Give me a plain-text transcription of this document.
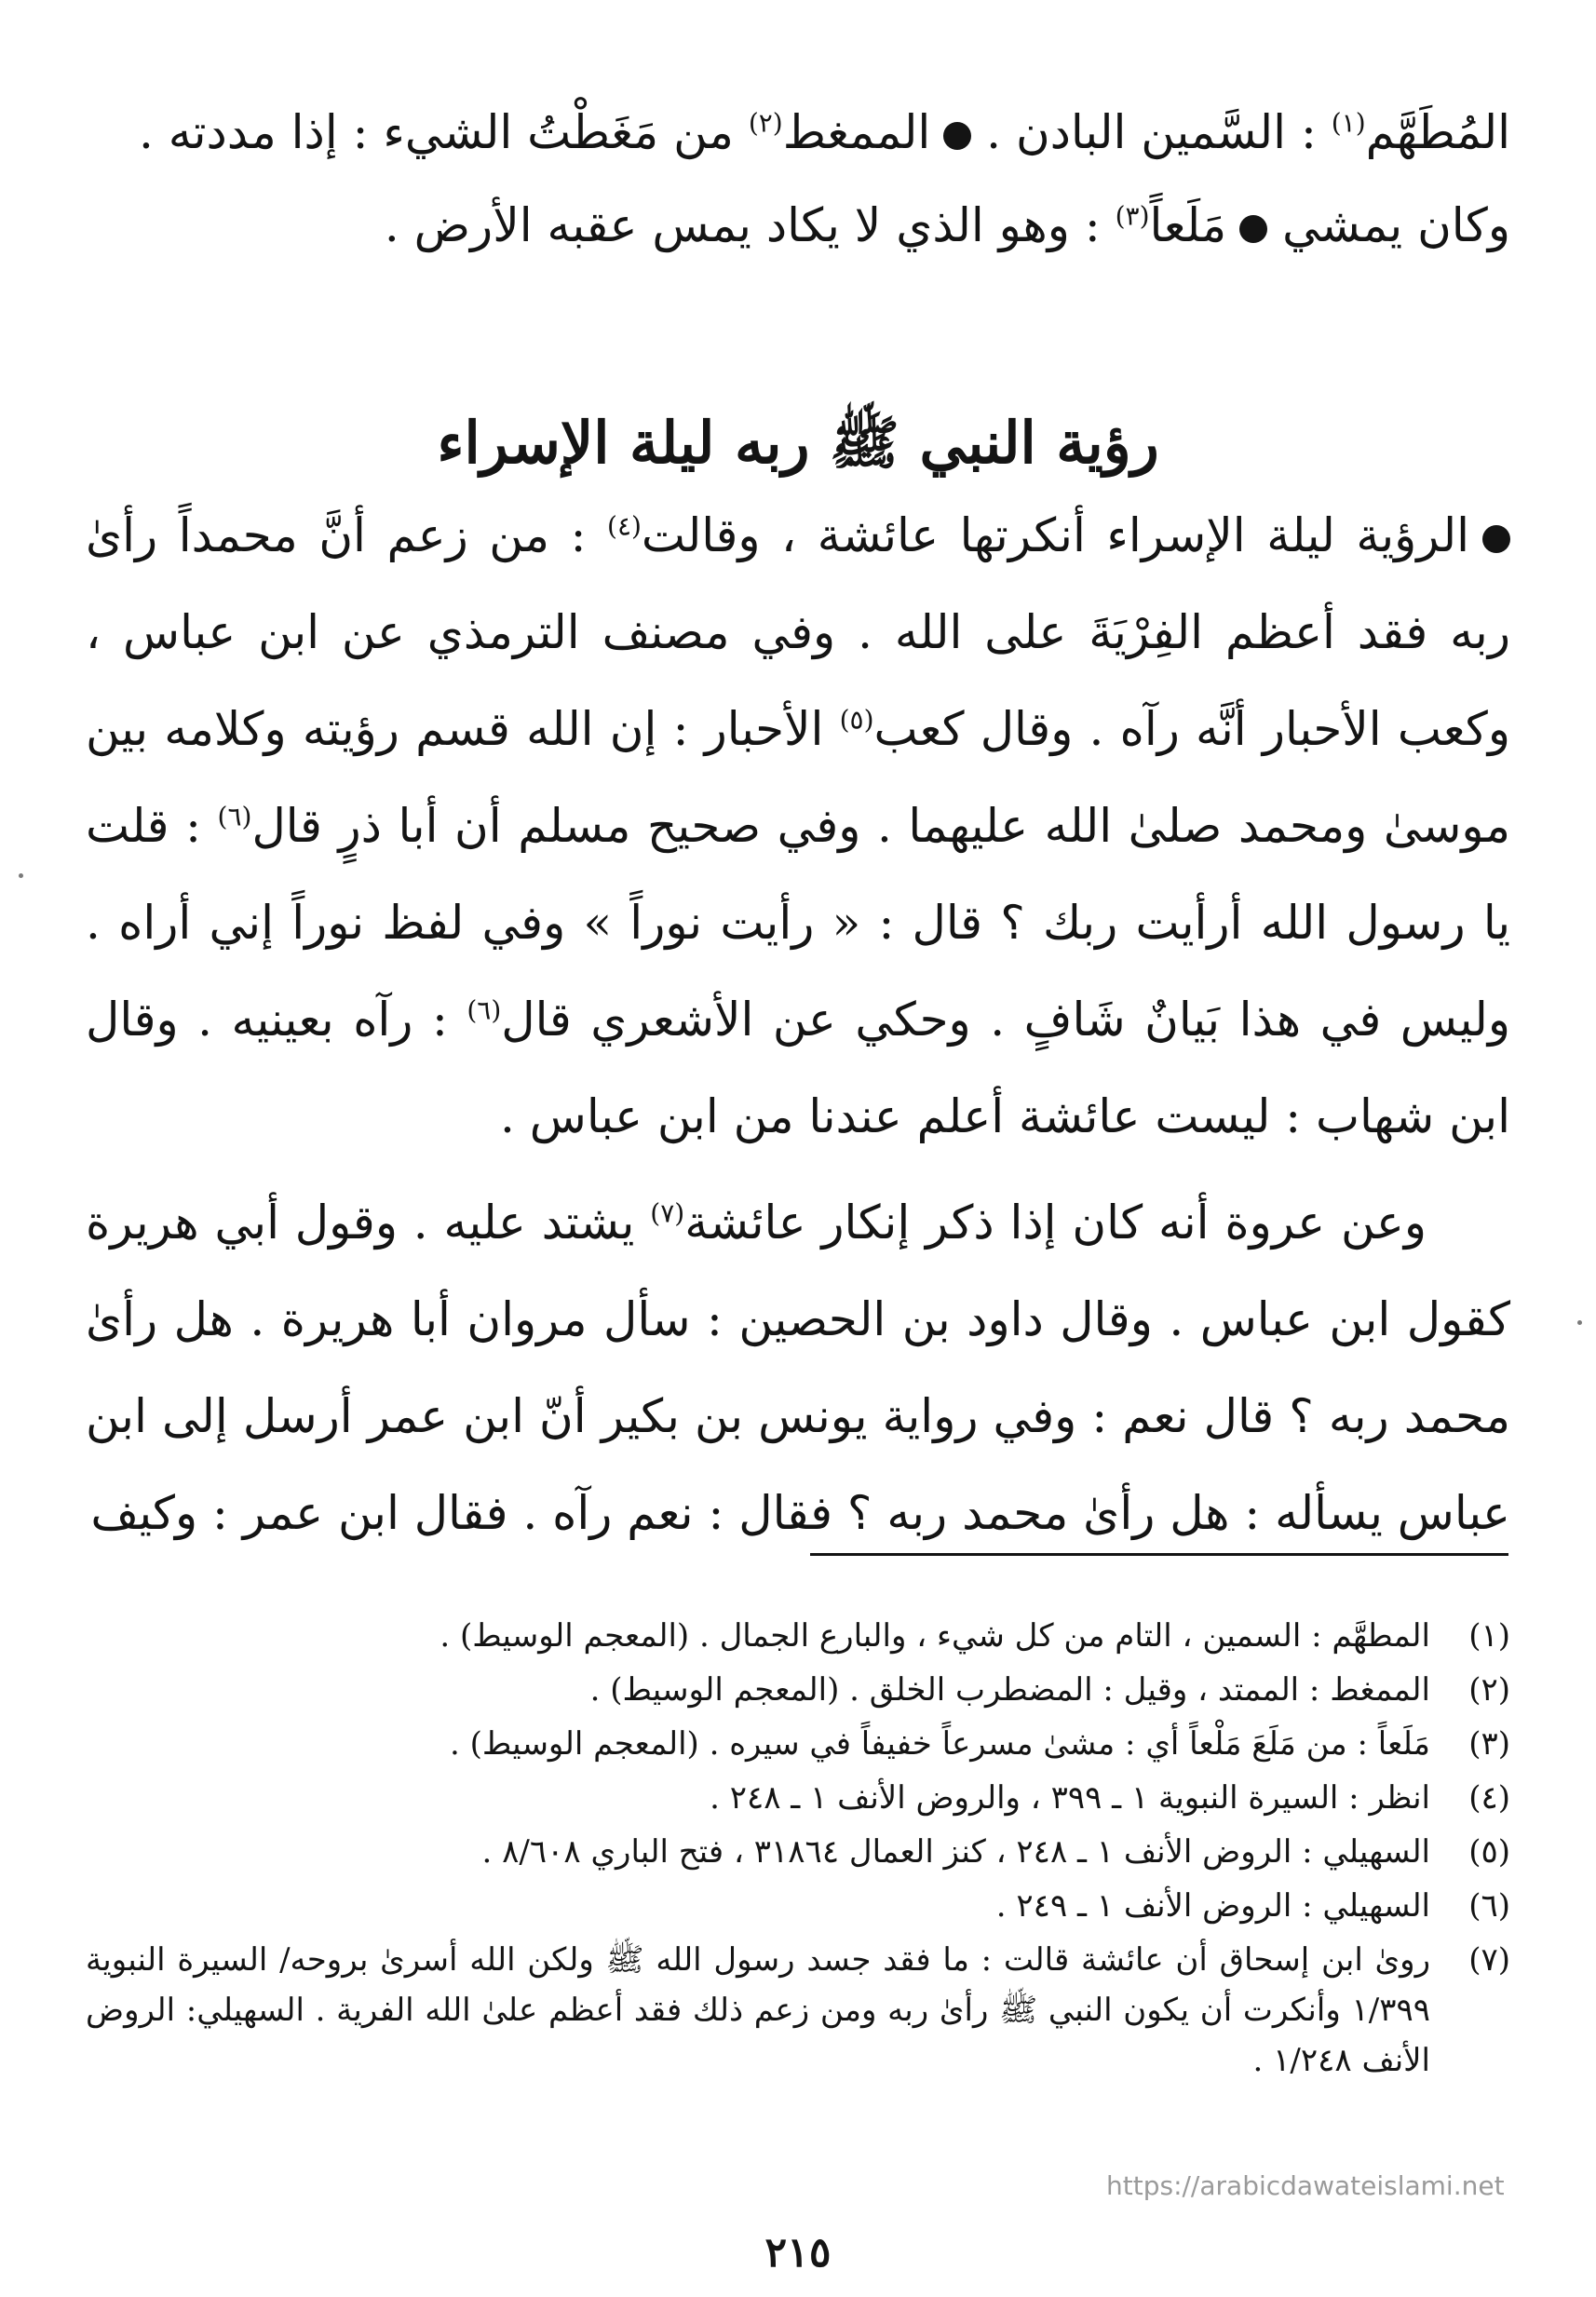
المُطَهَّم$^{(١)}$ : السَّمين البادن . الممغط$^{(٢)}$ من مَغَطْتُ الشيء : إذا مددته .

وكان يمشي مَلَعاً$^{(٣)}$ : وهو الذي لا يكاد يمس عقبه الأرض .

رؤية النبي ﷺ ربه ليلة الإسراء

الرؤية ليلة الإسراء أنكرتها عائشة ، وقالت$^{(٤)}$ : من زعم أنَّ محمداً رأىٰ ربه فقد أعظم الفِرْيَةَ على الله . وفي مصنف الترمذي عن ابن عباس ، وكعب الأحبار أنَّه رآه . وقال كعب$^{(٥)}$ الأحبار : إن الله قسم رؤيته وكلامه بين موسىٰ ومحمد صلىٰ الله عليهما . وفي صحيح مسلم أن أبا ذرٍ قال$^{(٦)}$ : قلت يا رسول الله أرأيت ربك ؟ قال : « رأيت نوراً » وفي لفظ نوراً إني أراه . وليس في هذا بَيانٌ شَافٍ . وحكي عن الأشعري قال$^{(٦)}$ : رآه بعينيه . وقال ابن شهاب : ليست عائشة أعلم عندنا من ابن عباس .

وعن عروة أنه كان إذا ذكر إنكار عائشة$^{(٧)}$ يشتد عليه . وقول أبي هريرة كقول ابن عباس . وقال داود بن الحصين : سأل مروان أبا هريرة . هل رأىٰ محمد ربه ؟ قال نعم : وفي رواية يونس بن بكير أنّ ابن عمر أرسل إلى ابن عباس يسأله : هل رأىٰ محمد ربه ؟ فقال : نعم رآه . فقال ابن عمر : وكيف

(١)
المطهَّم : السمين ، التام من كل شيء ، والبارع الجمال . (المعجم الوسيط) .
(٢)
الممغط : الممتد ، وقيل : المضطرب الخلق . (المعجم الوسيط) .
(٣)
مَلَعاً : من مَلَعَ مَلْعاً أي : مشىٰ مسرعاً خفيفاً في سيره . (المعجم الوسيط) .
(٤)
انظر : السيرة النبوية ١ ـ ٣٩٩ ، والروض الأنف ١ ـ ٢٤٨ .
(٥)
السهيلي : الروض الأنف ١ ـ ٢٤٨ ، كنز العمال ٣١٨٦٤ ، فتح الباري ٨/٦٠٨ .
(٦)
السهيلي : الروض الأنف ١ ـ ٢٤٩ .
(٧)
روىٰ ابن إسحاق أن عائشة قالت : ما فقد جسد رسول الله ﷺ ولكن الله أسرىٰ بروحه/ السيرة النبوية ١/٣٩٩ وأنكرت أن يكون النبي ﷺ رأىٰ ربه ومن زعم ذلك فقد أعظم علىٰ الله الفرية . السهيلي: الروض الأنف ١/٢٤٨ .
https://arabicdawateislami.net
٢١٥
